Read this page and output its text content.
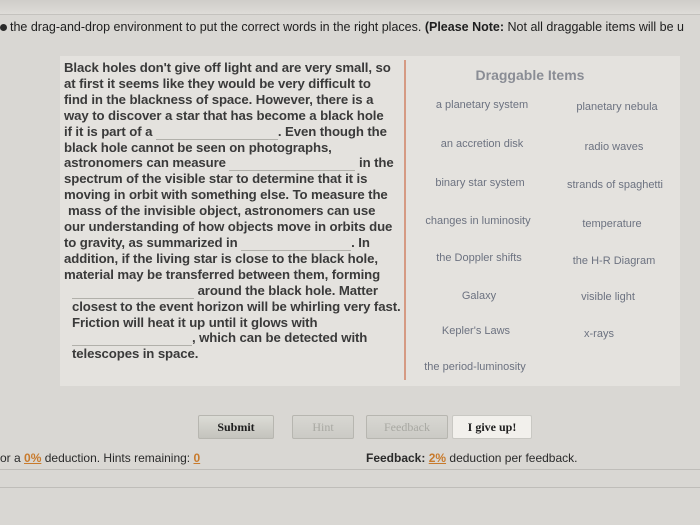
the drag-and-drop environment to put the correct words in the right places. (Please Note: Not all draggable items will be u
Black holes don't give off light and are very small, so
at first it seems like they would be very difficult to
find in the blackness of space. However, there is a
way to discover a star that has become a black hole
if it is part of a	. Even though the
black hole cannot be seen on photographs,
astronomers can measure	in the
spectrum of the visible star to determine that it is
moving in orbit with something else. To measure the
mass of the invisible object, astronomers can use
our understanding of how objects move in orbits due
to gravity, as summarized in	. In
addition, if the living star is close to the black hole,
material may be transferred between them, forming
around the black hole. Matter
closest to the event horizon will be whirling very fast.
Friction will heat it up until it glows with
, which can be detected with
telescopes in space.
Draggable Items
a planetary system	planetary nebula
an accretion disk	radio waves
binary star system	strands of spaghetti
changes in luminosity	temperature
the Doppler shifts	the H-R Diagram
Galaxy	visible light
Kepler's Laws	x-rays
the period-luminosity
Submit	Hint	Feedback	I give up!
or a 0% deduction. Hints remaining: 0	Feedback: 2% deduction per feedback.
